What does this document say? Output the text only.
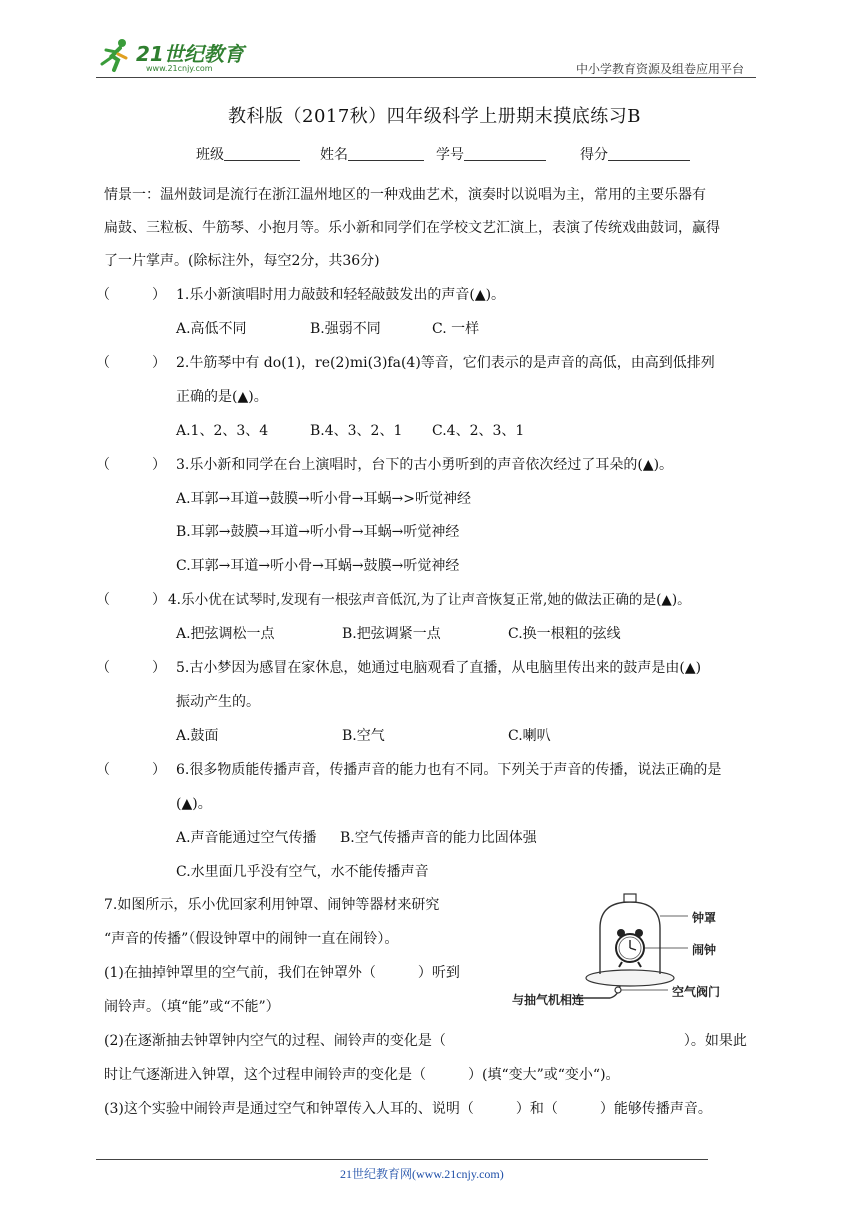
21世纪教育
www.21cnjy.com	中小学教育资源及组卷应用平台
教科版（2017秋）四年级科学上册期末摸底练习B
班级	姓名	学号	得分
情景一：温州鼓词是流行在浙江温州地区的一种戏曲艺术，演奏时以说唱为主，常用的主要乐器有
扁鼓、三粒板、牛筋琴、小抱月等。乐小新和同学们在学校文艺汇演上，表演了传统戏曲鼓词，赢得
了一片掌声。(除标注外，每空2分，共36分)
（　　　） 1.乐小新演唱时用力敲鼓和轻轻敲鼓发出的声音(▲)。
A.高低不同	B.强弱不同	C. 一样
（　　　） 2.牛筋琴中有 do(1)，re(2)mi(3)fa(4)等音，它们表示的是声音的高低，由高到低排列
正确的是(▲)。
A.1、2、3、4	B.4、3、2、1 C.4、2、3、1
（　　　） 3.乐小新和同学在台上演唱时，台下的古小勇听到的声音依次经过了耳朵的(▲)。
A.耳郭→耳道→鼓膜→听小骨→耳蜗→>听觉神经
B.耳郭→鼓膜→耳道→听小骨→耳蜗→听觉神经
C.耳郭→耳道→听小骨→耳蜗→鼓膜→听觉神经
（　　　） 4.乐小优在试琴时,发现有一根弦声音低沉,为了让声音恢复正常,她的做法正确的是(▲)。
A.把弦调松一点	B.把弦调紧一点	C.换一根粗的弦线
（　　　） 5.古小梦因为感冒在家休息，她通过电脑观看了直播，从电脑里传出来的鼓声是由(▲)
振动产生的。
A.鼓面	B.空气	C.喇叭
（　　　） 6.很多物质能传播声音，传播声音的能力也有不同。下列关于声音的传播，说法正确的是
(▲)。
A.声音能通过空气传播 B.空气传播声音的能力比固体强
C.水里面几乎没有空气，水不能传播声音
7.如图所示，乐小优回家利用钟罩、闹钟等器材来研究
“声音的传播”（假设钟罩中的闹钟一直在闹铃）。
(1)在抽掉钟罩里的空气前，我们在钟罩外（　　　）听到
闹铃声。（填“能”或“不能”）
(2)在逐渐抽去钟罩钟内空气的过程、闹铃声的变化是（　　　　　　　　　　　　　　　　　）。如果此
时让气逐渐进入钟罩，这个过程申闹铃声的变化是（　　　）(填“变大”或“变小“)。
(3)这个实验中闹铃声是通过空气和钟罩传入人耳的、说明（　　　）和（　　　）能够传播声音。
钟罩
闹钟
空气阀门
与抽气机相连
21世纪教育网(www.21cnjy.com)
